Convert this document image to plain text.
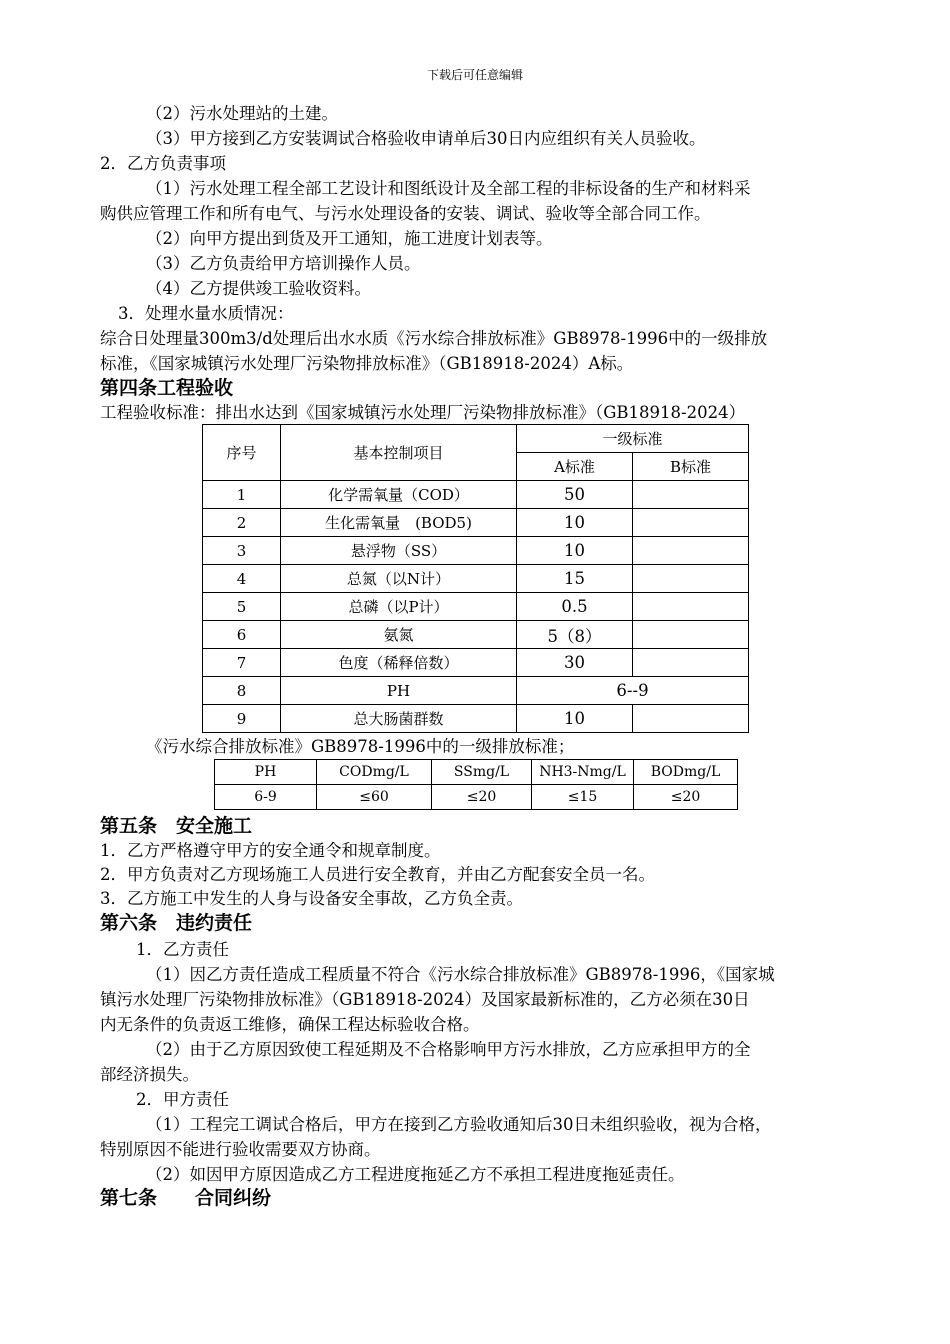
下载后可任意编辑
（2）污水处理站的土建。
（3）甲方接到乙方安装调试合格验收申请单后30日内应组织有关人员验收。
2．乙方负责事项
（1）污水处理工程全部工艺设计和图纸设计及全部工程的非标设备的生产和材料采
购供应管理工作和所有电气、与污水处理设备的安装、调试、验收等全部合同工作。
（2）向甲方提出到货及开工通知，施工进度计划表等。
（3）乙方负责给甲方培训操作人员。
（4）乙方提供竣工验收资料。
3．处理水量水质情况：
综合日处理量300m3/d处理后出水水质《污水综合排放标准》GB8978-1996中的一级排放
标准，《国家城镇污水处理厂污染物排放标准》（GB18918-2024）A标。
第四条工程验收
工程验收标准：排出水达到《国家城镇污水处理厂污染物排放标准》（GB18918-2024）
序号	基本控制项目	一级标准	
		A标准	B标准
1	化学需氧量（COD）	50	
2	生化需氧量　(BOD5)	10	
3	悬浮物（SS）	10	
4	总氮（以N计）	15	
5	总磷（以P计）	0.5	
6	氨氮	5（8）	
7	色度（稀释倍数）	30	
8	PH	6--9	
9	总大肠菌群数	10	
《污水综合排放标准》GB8978-1996中的一级排放标准；
PH	CODmg/L	SSmg/L	NH3-Nmg/L	BODmg/L
6-9	≤60	≤20	≤15	≤20
第五条　安全施工
1．乙方严格遵守甲方的安全通令和规章制度。
2．甲方负责对乙方现场施工人员进行安全教育，并由乙方配套安全员一名。
3．乙方施工中发生的人身与设备安全事故，乙方负全责。
第六条　违约责任
1．乙方责任
（1）因乙方责任造成工程质量不符合《污水综合排放标准》GB8978-1996，《国家城
镇污水处理厂污染物排放标准》（GB18918-2024）及国家最新标准的，乙方必须在30日
内无条件的负责返工维修，确保工程达标验收合格。
（2）由于乙方原因致使工程延期及不合格影响甲方污水排放，乙方应承担甲方的全
部经济损失。
2．甲方责任
（1）工程完工调试合格后，甲方在接到乙方验收通知后30日未组织验收，视为合格，
特别原因不能进行验收需要双方协商。
（2）如因甲方原因造成乙方工程进度拖延乙方不承担工程进度拖延责任。
第七条　　合同纠纷
